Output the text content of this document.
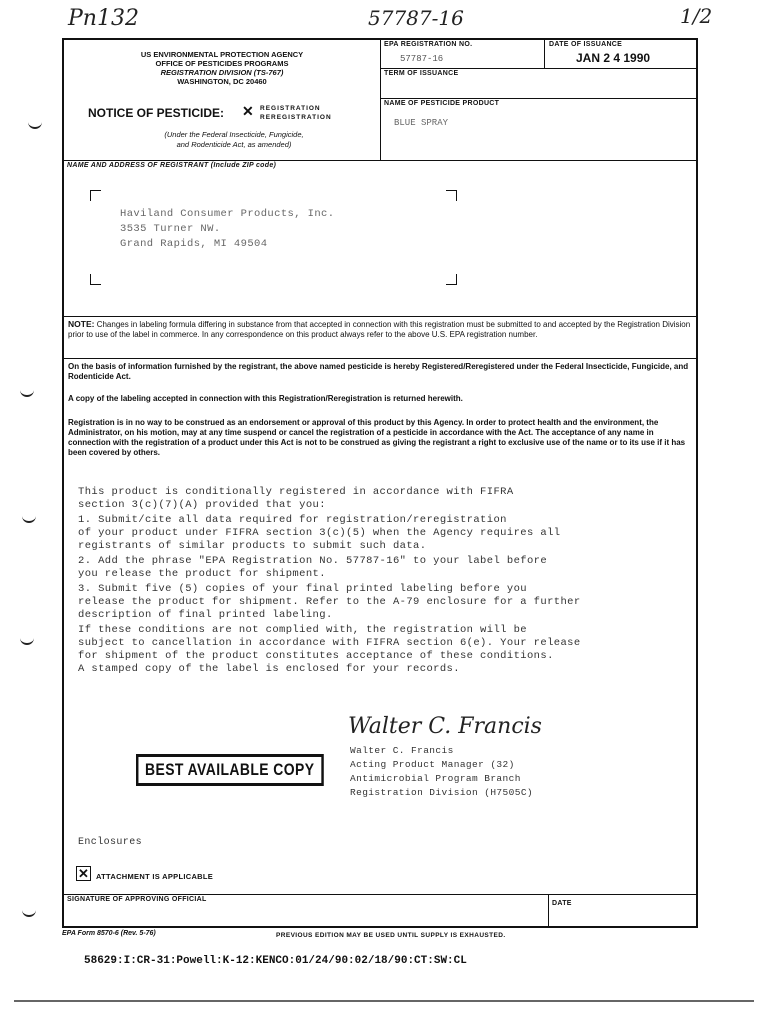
Pn132	57787-16	1/2
US ENVIRONMENTAL PROTECTION AGENCY
OFFICE OF PESTICIDES PROGRAMS
REGISTRATION DIVISION (TS-767)
WASHINGTON, DC 20460
NOTICE OF PESTICIDE: ✕ REGISTRATION
REREGISTRATION
(Under the Federal Insecticide, Fungicide,
and Rodenticide Act, as amended)
EPA REGISTRATION NO.
57787-16
DATE OF ISSUANCE
JAN 2 4 1990
TERM OF ISSUANCE
NAME OF PESTICIDE PRODUCT
BLUE SPRAY
NAME AND ADDRESS OF REGISTRANT (Include ZIP code)
Haviland Consumer Products, Inc.
3535 Turner NW.
Grand Rapids, MI 49504
NOTE: Changes in labeling formula differing in substance from that accepted in connection with this registration must be submitted to and accepted by the Registration Division prior to use of the label in commerce. In any correspondence on this product always refer to the above U.S. EPA registration number.
On the basis of information furnished by the registrant, the above named pesticide is hereby Registered/Reregistered under the Federal Insecticide, Fungicide, and Rodenticide Act.
A copy of the labeling accepted in connection with this Registration/Reregistration is returned herewith.
Registration is in no way to be construed as an endorsement or approval of this product by this Agency. In order to protect health and the environment, the Administrator, on his motion, may at any time suspend or cancel the registration of a pesticide in accordance with the Act. The acceptance of any name in connection with the registration of a product under this Act is not to be construed as giving the registrant a right to exclusive use of the name or to its use if it has been covered by others.
This product is conditionally registered in accordance with FIFRA
section 3(c)(7)(A) provided that you:
1. Submit/cite all data required for registration/reregistration
of your product under FIFRA section 3(c)(5) when the Agency requires all
registrants of similar products to submit such data.
2. Add the phrase "EPA Registration No. 57787-16" to your label before
you release the product for shipment.
3. Submit five (5) copies of your final printed labeling before you
release the product for shipment. Refer to the A-79 enclosure for a further
description of final printed labeling.
If these conditions are not complied with, the registration will be
subject to cancellation in accordance with FIFRA section 6(e). Your release
for shipment of the product constitutes acceptance of these conditions.
A stamped copy of the label is enclosed for your records.
Walter C. Francis
Walter C. Francis
Acting Product Manager (32)
Antimicrobial Program Branch
Registration Division (H7505C)
BEST AVAILABLE COPY
Enclosures
✕ ATTACHMENT IS APPLICABLE
SIGNATURE OF APPROVING OFFICIAL
DATE
EPA Form 8570-6 (Rev. 5-76)	PREVIOUS EDITION MAY BE USED UNTIL SUPPLY IS EXHAUSTED.
58629:I:CR-31:Powell:K-12:KENCO:01/24/90:02/18/90:CT:SW:CL
